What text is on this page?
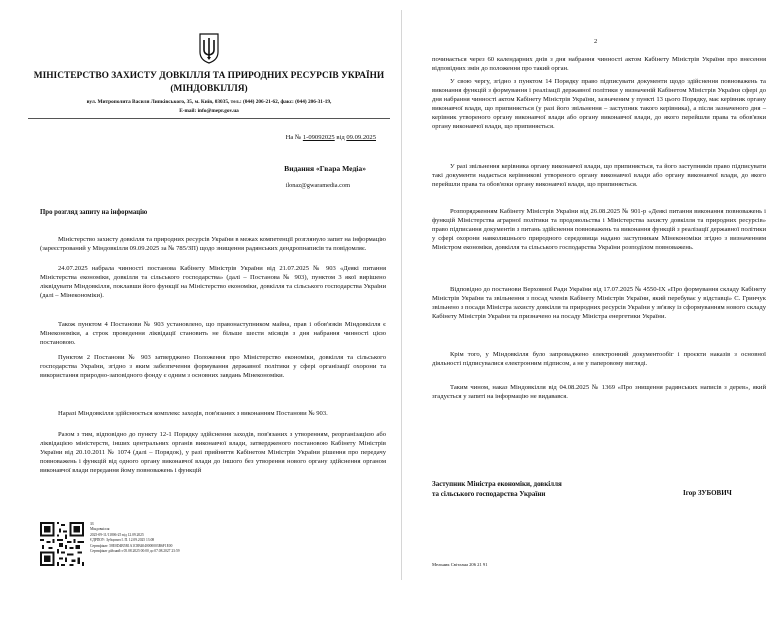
МІНІСТЕРСТВО ЗАХИСТУ ДОВКІЛЛЯ ТА ПРИРОДНИХ РЕСУРСІВ УКРАЇНИ
(МІНДОВКІЛЛЯ)
вул. Митрополита Василя Липківського, 35, м. Київ, 03035, тел.: (044) 206-21-62, факс: (044) 206-31-19,
E-mail: info@mepr.gov.ua
На № 1-09092025 від 09.09.2025
Видання «Гвара Медіа»
ilonaz@gwaramedia.com
Про розгляд запиту на інформацію

Міністерство захисту довкілля та природних ресурсів України в межах компетенції розглянуло запит на інформацію (зареєстрований у Міндовкілля 09.09.2025 за № 785/ЗП) щодо знищення радянських дендропнаписів та повідомляє.

24.07.2025 набрала чинності постанова Кабінету Міністрів України від 21.07.2025 № 903 «Деякі питання Міністерства економіки, довкілля та сільського господарства» (далі – Постанова № 903), пунктом 3 якої вирішено ліквідувати Міндовкілля, поклавши його функції на Міністерство економіки, довкілля та сільського господарства України (далі – Мінекономіки).

Також пунктом 4 Постанови № 903 установлено, що правонаступником майна, прав і обов'язків Міндовкілля є Мінекономіки, а строк проведення ліквідації становить не більше шести місяців з дня набрання чинності цією постановою.

Пунктом 2 Постанови № 903 затверджено Положення про Міністерство економіки, довкілля та сільського господарства України, згідно з яким забезпечення формування державної політики у сфері організації охорони та використання природно-заповідного фонду є одним з основних завдань Мінекономіки.

Наразі Міндовкілля здійснюється комплекс заходів, пов'язаних з виконанням Постанови № 903.

Разом з тим, відповідно до пункту 12-1 Порядку здійснення заходів, пов'язаних з утворенням, реорганізацією або ліквідацією міністерств, інших центральних органів виконавчої влади, затвердженого постановою Кабінету Міністрів України від 20.10.2011 № 1074 (далі – Порядок), у разі прийняття Кабінетом Міністрів України рішення про передачу повноважень і функцій від одного органу виконавчої влади до іншого без утворення нового органу здійснення органом виконавчої влади передання йому повноважень і функцій

ЗЗ
Міндовкілля
2025-09-11/11806-25 від 12.09.2025
ЄДРПОУ: Зубцович І. П. 12.09.2025 13:08
Сертифікат: 58E0D4B5B1A1C8B4040000003B6F1E00
Сертифікат дійсний з 05.08.2025 00:00 до 07.08.2027 23:59
2

починається через 60 календарних днів з дня набрання чинності актом Кабінету Міністрів України про внесення відповідних змін до положення про такий орган.

У свою чергу, згідно з пунктом 14 Порядку право підписувати документи щодо здійснення повноважень та виконання функцій з формування і реалізації державної політики у визначеній Кабінетом Міністрів України сфері до дня набрання чинності актом Кабінету Міністрів України, зазначеним у пункті 13 цього Порядку, має керівник органу виконавчої влади, що припиняється (у разі його звільнення – заступник такого керівника), а після зазначеного дня – керівник утвореного органу виконавчої влади або органу виконавчої влади, до якого перейшли права та обов'язки органу виконавчої влади, що припиняється.

У разі звільнення керівника органу виконавчої влади, що припиняється, та його заступників право підписувати такі документи надається керівникові утвореного органу виконавчої влади або органу виконавчої влади, до якого перейшли права та обов'язки органу виконавчої влади, що припиняється.

Розпорядженням Кабінету Міністрів України від 26.08.2025 № 901-р «Деякі питання виконання повноважень і функцій Міністерства аграрної політики та продовольства і Міністерства захисту довкілля та природних ресурсів» право підписання документів з питань здійснення повноважень та виконання функцій з реалізації державної політики у сфері охорони навколишнього природного середовища надано заступникам Мінекономіки згідно з визначенням Міністром економіки, довкілля та сільського господарства України розподілом повноважень.

Відповідно до постанови Верховної Ради України від 17.07.2025 № 4550-IX «Про формування складу Кабінету Міністрів України та звільнення з посад членів Кабінету Міністрів України, який перебуває у відставці» С. Гринчук звільнено з посади Міністра захисту довкілля та природних ресурсів України у зв'язку із сформуванням нового складу Кабінету Міністрів України та призначено на посаду Міністра енергетики України.

Крім того, у Міндовкілля було запроваджено електронний документообіг і проєкти наказів з основної діяльності підписувалися електронним підписом, а не у паперовому вигляді.

Таким чином, наказ Міндовкілля від 04.08.2025 № 1369 «Про знищення радянських написів з дерев», який згадується у запиті на інформацію не видавався.

Заступник Міністра економіки, довкілля
та сільського господарства України	Ігор ЗУБОВИЧ
Мельник Світлана 206 21 91
